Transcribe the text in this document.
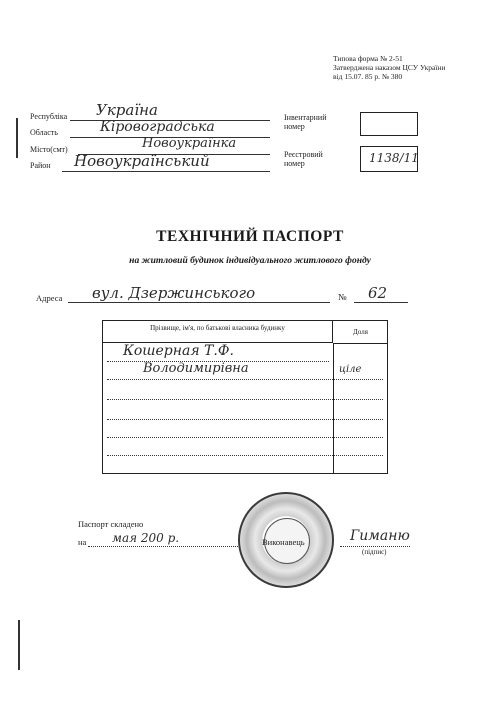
Типова форма № 2-51
Затверджена наказом ЦСУ України
від 15.07. 85 р. № 380
Республіка Україна
Область	Кіровоградська
Місто(смт)	Новоукраїнка
Район Новоукраїнський
Інвентарний номер
Реєстровий номер	1138/11
ТЕХНІЧНИЙ ПАСПОРТ
на житловий будинок індивідуального житлового фонду
Адреса вул. Дзержинського	№ 62
Прізвище, ім'я, по батькові власника будинку	Доля
Кошерная Т.Ф.
Володимирівна	ціле
Паспорт складено
на мая 200 р.	Виконавець	Гиманю
(підпис)
